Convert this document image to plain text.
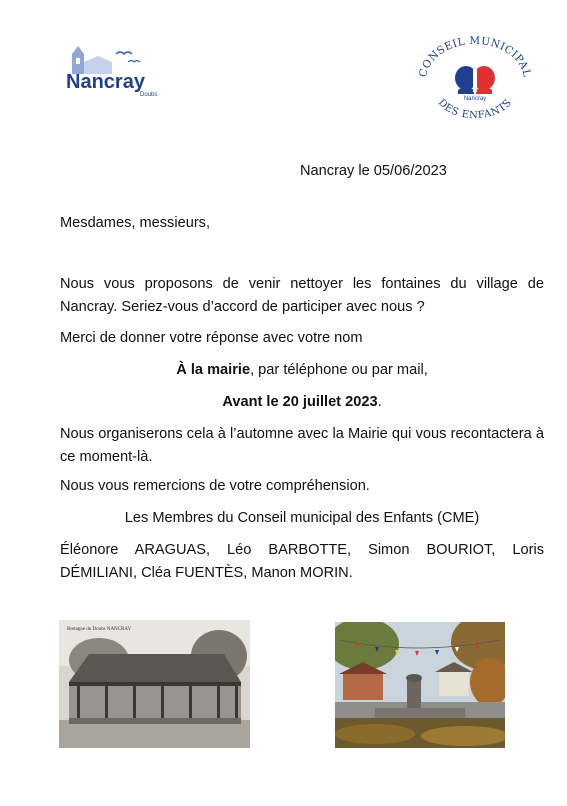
Nancray
Doubs
CONSEIL MUNICIPAL
Nancray
DES ENFANTS
Nancray le 05/06/2023
Mesdames, messieurs,
Nous vous proposons de venir nettoyer les fontaines du village de Nancray. Seriez-vous d’accord de participer avec nous ?
Merci de donner votre réponse avec votre nom
À la mairie, par téléphone ou par mail,
Avant le 20 juillet 2023.
Nous organiserons cela à l’automne avec la Mairie qui vous recontactera à ce moment-là.
Nous vous remercions de votre compréhension.
Les Membres du Conseil municipal des Enfants (CME)
Éléonore ARAGUAS, Léo BARBOTTE, Simon BOURIOT, Loris DÉMILIANI, Cléa FUENTÈS, Manon MORIN.
Bretagne du Doubs NANCRAY
